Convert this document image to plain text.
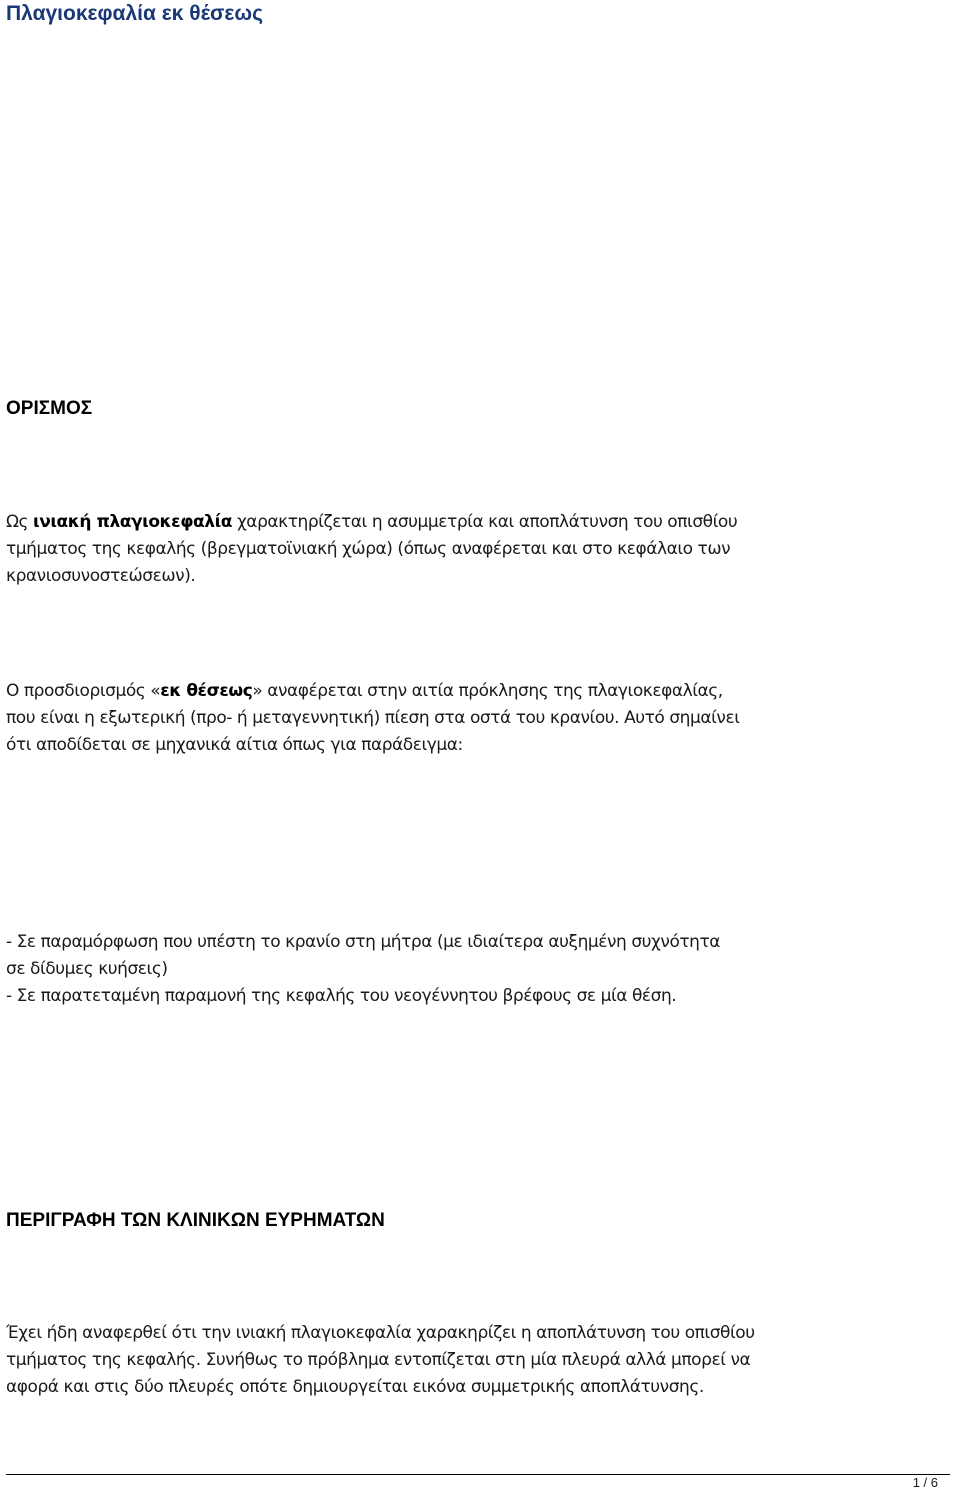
Πλαγιοκεφαλία εκ θέσεως
ΟΡΙΣΜΟΣ

Ως ινιακή πλαγιοκεφαλία χαρακτηρίζεται η ασυμμετρία και αποπλάτυνση του οπισθίου
τμήματος της κεφαλής (βρεγματοϊνιακή χώρα) (όπως αναφέρεται και στο κεφάλαιο των
κρανιοσυνοστεώσεων).

Ο προσδιορισμός «εκ θέσεως» αναφέρεται στην αιτία πρόκλησης της πλαγιοκεφαλίας,
που είναι η εξωτερική (προ- ή μεταγεννητική) πίεση στα οστά του κρανίου. Αυτό σημαίνει
ότι αποδίδεται σε μηχανικά αίτια όπως για παράδειγμα:

- Σε παραμόρφωση που υπέστη το κρανίο στη μήτρα (με ιδιαίτερα αυξημένη συχνότητα
σε δίδυμες κυήσεις)
- Σε παρατεταμένη παραμονή της κεφαλής του νεογέννητου βρέφους σε μία θέση.
ΠΕΡΙΓΡΑΦΗ ΤΩΝ ΚΛΙΝΙΚΩΝ ΕΥΡΗΜΑΤΩΝ

Έχει ήδη αναφερθεί ότι την ινιακή πλαγιοκεφαλία χαρακηρίζει η αποπλάτυνση του οπισθίου
τμήματος της κεφαλής. Συνήθως το πρόβλημα εντοπίζεται στη μία πλευρά αλλά μπορεί να
αφορά και στις δύο πλευρές οπότε δημιουργείται εικόνα συμμετρικής αποπλάτυνσης.

1 / 6
